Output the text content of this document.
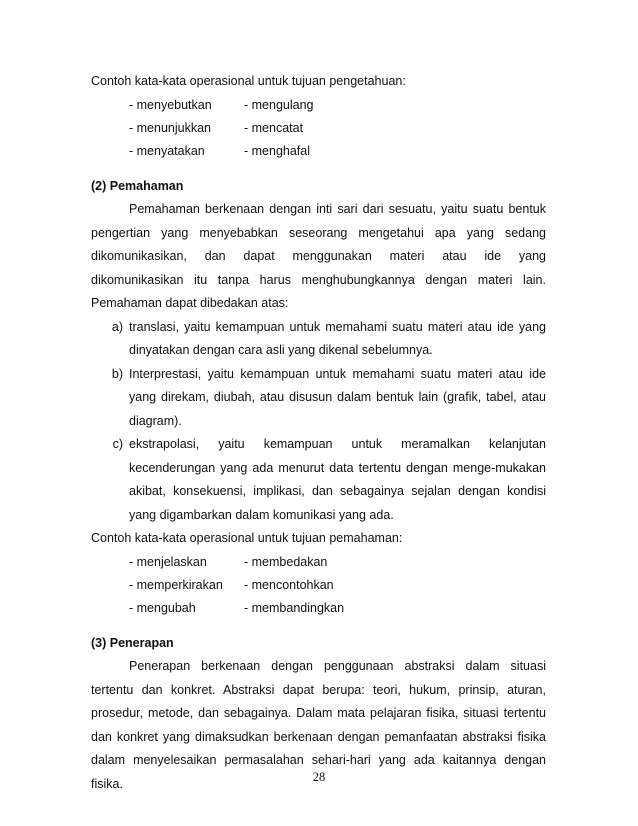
Contoh kata-kata operasional untuk tujuan pengetahuan:
- menyebutkan	- mengulang
- menunjukkan	- mencatat
- menyatakan	- menghafal
(2) Pemahaman
Pemahaman berkenaan dengan inti sari dari sesuatu, yaitu suatu bentuk
pengertian yang menyebabkan seseorang mengetahui apa yang sedang
dikomunikasikan, dan dapat menggunakan materi atau ide yang
dikomunikasikan itu tanpa harus menghubungkannya dengan materi lain.
Pemahaman dapat dibedakan atas:
a) translasi, yaitu kemampuan untuk memahami suatu materi atau ide yang
dinyatakan dengan cara asli yang dikenal sebelumnya.
b) Interprestasi, yaitu kemampuan untuk memahami suatu materi atau ide
yang direkam, diubah, atau disusun dalam bentuk lain (grafik, tabel, atau
diagram).
c) ekstrapolasi, yaitu kemampuan untuk meramalkan kelanjutan
kecenderungan yang ada menurut data tertentu dengan menge-mukakan
akibat, konsekuensi, implikasi, dan sebagainya sejalan dengan kondisi
yang digambarkan dalam komunikasi yang ada.
Contoh kata-kata operasional untuk tujuan pemahaman:
- menjelaskan	- membedakan
- memperkirakan	- mencontohkan
- mengubah	- membandingkan
(3) Penerapan
Penerapan berkenaan dengan penggunaan abstraksi dalam situasi
tertentu dan konkret. Abstraksi dapat berupa: teori, hukum, prinsip, aturan,
prosedur, metode, dan sebagainya. Dalam mata pelajaran fisika, situasi tertentu
dan konkret yang dimaksudkan berkenaan dengan pemanfaatan abstraksi fisika
dalam menyelesaikan permasalahan sehari-hari yang ada kaitannya dengan
fisika.	28
